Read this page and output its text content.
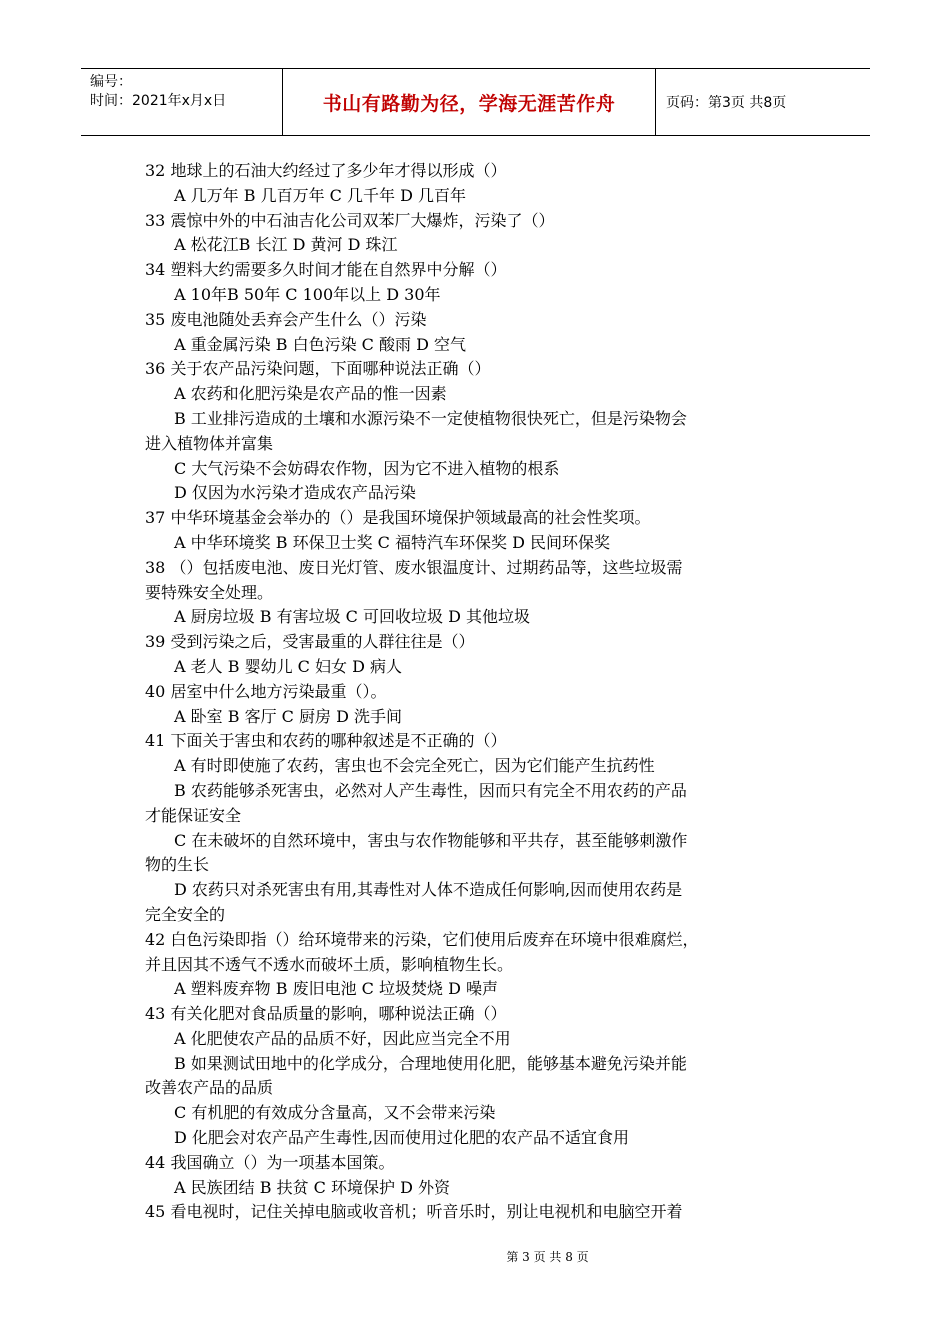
编号：
时间：2021年x月x日	书山有路勤为径，学海无涯苦作舟	页码：第3页 共8页
32 地球上的石油大约经过了多少年才得以形成（）
A 几万年 B 几百万年 C 几千年 D 几百年
33 震惊中外的中石油吉化公司双苯厂大爆炸，污染了（）
A 松花江B 长江 D 黄河 D 珠江
34 塑料大约需要多久时间才能在自然界中分解（）
A 10年B 50年 C 100年以上 D 30年
35 废电池随处丢弃会产生什么（）污染
A 重金属污染 B 白色污染 C 酸雨 D 空气
36 关于农产品污染问题，下面哪种说法正确（）
A 农药和化肥污染是农产品的惟一因素
B 工业排污造成的土壤和水源污染不一定使植物很快死亡，但是污染物会
进入植物体并富集
C 大气污染不会妨碍农作物，因为它不进入植物的根系
D 仅因为水污染才造成农产品污染
37 中华环境基金会举办的（）是我国环境保护领域最高的社会性奖项。
A 中华环境奖 B 环保卫士奖 C 福特汽车环保奖 D 民间环保奖
38 （）包括废电池、废日光灯管、废水银温度计、过期药品等，这些垃圾需
要特殊安全处理。
A 厨房垃圾 B 有害垃圾 C 可回收垃圾 D 其他垃圾
39 受到污染之后，受害最重的人群往往是（）
A 老人 B 婴幼儿 C 妇女 D 病人
40 居室中什么地方污染最重（）。
A 卧室 B 客厅 C 厨房 D 洗手间
41 下面关于害虫和农药的哪种叙述是不正确的（）
A 有时即使施了农药，害虫也不会完全死亡，因为它们能产生抗药性
B 农药能够杀死害虫，必然对人产生毒性，因而只有完全不用农药的产品
才能保证安全
C 在未破坏的自然环境中，害虫与农作物能够和平共存，甚至能够刺激作
物的生长
D 农药只对杀死害虫有用,其毒性对人体不造成任何影响,因而使用农药是
完全安全的
42 白色污染即指（）给环境带来的污染，它们使用后废弃在环境中很难腐烂，
并且因其不透气不透水而破坏土质，影响植物生长。
A 塑料废弃物 B 废旧电池 C 垃圾焚烧 D 噪声
43 有关化肥对食品质量的影响，哪种说法正确（）
A 化肥使农产品的品质不好，因此应当完全不用
B 如果测试田地中的化学成分，合理地使用化肥，能够基本避免污染并能
改善农产品的品质
C 有机肥的有效成分含量高，又不会带来污染
D 化肥会对农产品产生毒性,因而使用过化肥的农产品不适宜食用
44 我国确立（）为一项基本国策。
A 民族团结 B 扶贫 C 环境保护 D 外资
45 看电视时，记住关掉电脑或收音机；听音乐时，别让电视机和电脑空开着
第 3 页 共 8 页
